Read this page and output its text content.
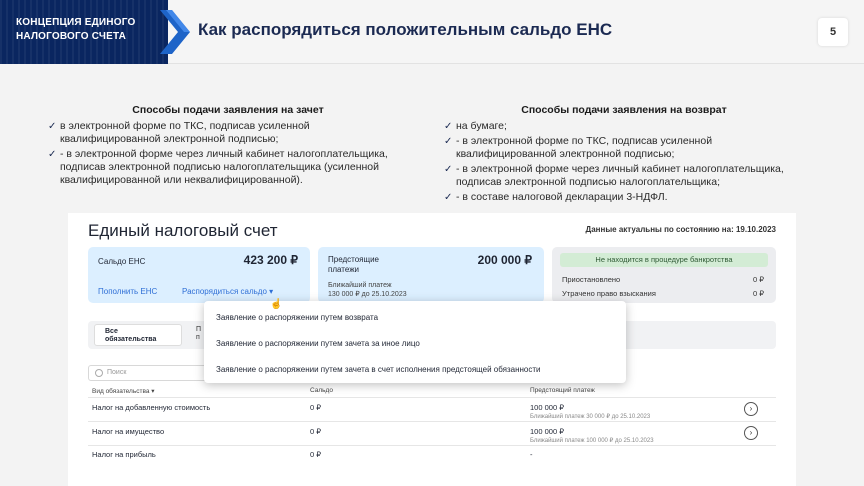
КОНЦЕПЦИЯ ЕДИНОГО
НАЛОГОВОГО СЧЕТА	Как распорядиться положительным сальдо ЕНС	5
Способы подачи заявления на зачет
✓ в электронной форме по ТКС, подписав усиленной квалифицированной электронной подписью;
✓ - в электронной форме через личный кабинет налогоплательщика, подписав электронной подписью налогоплательщика (усиленной квалифицированной или неквалифицированной).
Способы подачи заявления на возврат
✓ на бумаге;
✓ - в электронной форме по ТКС, подписав усиленной квалифицированной электронной подписью;
✓ - в электронной форме через личный кабинет налогоплательщика, подписав электронной подписью налогоплательщика;
✓ - в составе налоговой декларации 3-НДФЛ.
Единый налоговый счет	Данные актуальны по состоянию на: 19.10.2023
Сальдо ЕНС	423 200 ₽
Пополнить ЕНС	Распорядиться сальдо ▾
Предстоящие платежи
200 000 ₽
Ближайший платеж
130 000 ₽ до 25.10.2023
Не находится в процедуре банкротства
Приостановлено	0 ₽
Утрачено право взыскания	0 ₽
Все
обязательства
П
п
Поиск
Вид обязательства ▾	Сальдо	Предстоящий платеж
Налог на добавленную стоимость	0 ₽	100 000 ₽
Ближайший платеж 30 000 ₽ до 25.10.2023
›
Налог на имущество	0 ₽	100 000 ₽
Ближайший платеж 100 000 ₽ до 25.10.2023
›
Налог на прибыль	0 ₽	-
Заявление о распоряжении путем возврата
Заявление о распоряжении путем зачета за иное лицо
Заявление о распоряжении путем зачета в счет исполнения предстоящей обязанности
☝
